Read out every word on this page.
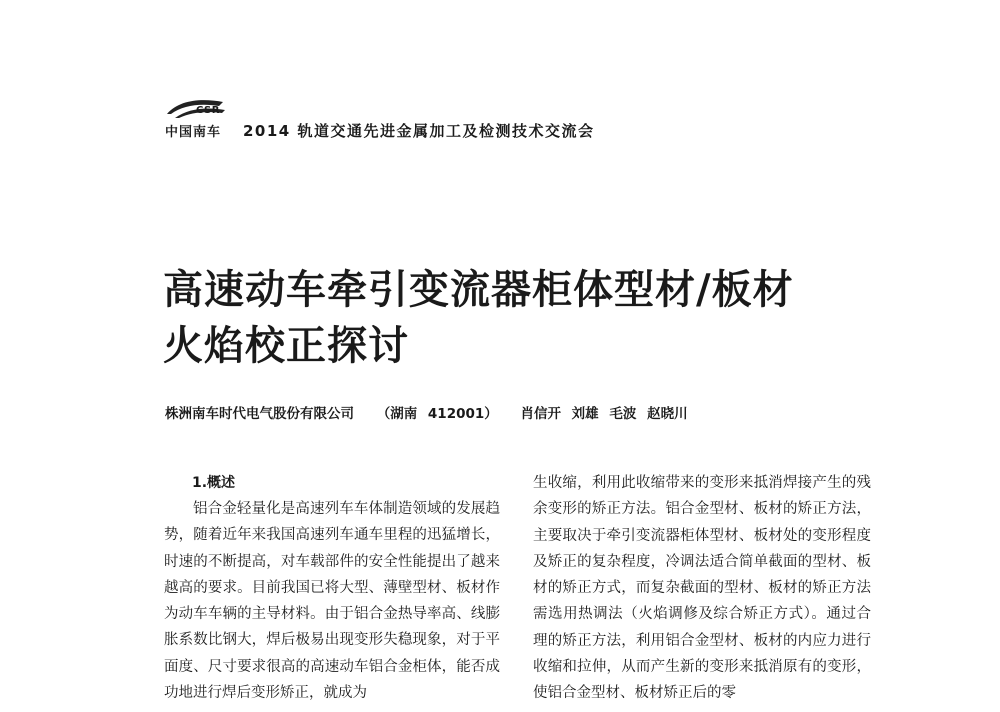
CSR
中国南车 2014 轨道交通先进金属加工及检测技术交流会
高速动车牵引变流器柜体型材/板材
火焰校正探讨
株洲南车时代电气股份有限公司 （湖南 412001） 肖信开 刘雄 毛波 赵晓川
1.概述

铝合金轻量化是高速列车车体制造领域的发展趋势，随着近年来我国高速列车通车里程的迅猛增长，时速的不断提高，对车载部件的安全性能提出了越来越高的要求。目前我国已将大型、薄壁型材、板材作为动车车辆的主导材料。由于铝合金热导率高、线膨胀系数比钢大，焊后极易出现变形失稳现象，对于平面度、尺寸要求很高的高速动车铝合金柜体，能否成功地进行焊后变形矫正，就成为

生收缩，利用此收缩带来的变形来抵消焊接产生的残余变形的矫正方法。铝合金型材、板材的矫正方法，主要取决于牵引变流器柜体型材、板材处的变形程度及矫正的复杂程度，冷调法适合简单截面的型材、板材的矫正方式，而复杂截面的型材、板材的矫正方法需选用热调法（火焰调修及综合矫正方式）。通过合理的矫正方法，利用铝合金型材、板材的内应力进行收缩和拉伸，从而产生新的变形来抵消原有的变形，使铝合金型材、板材矫正后的零
